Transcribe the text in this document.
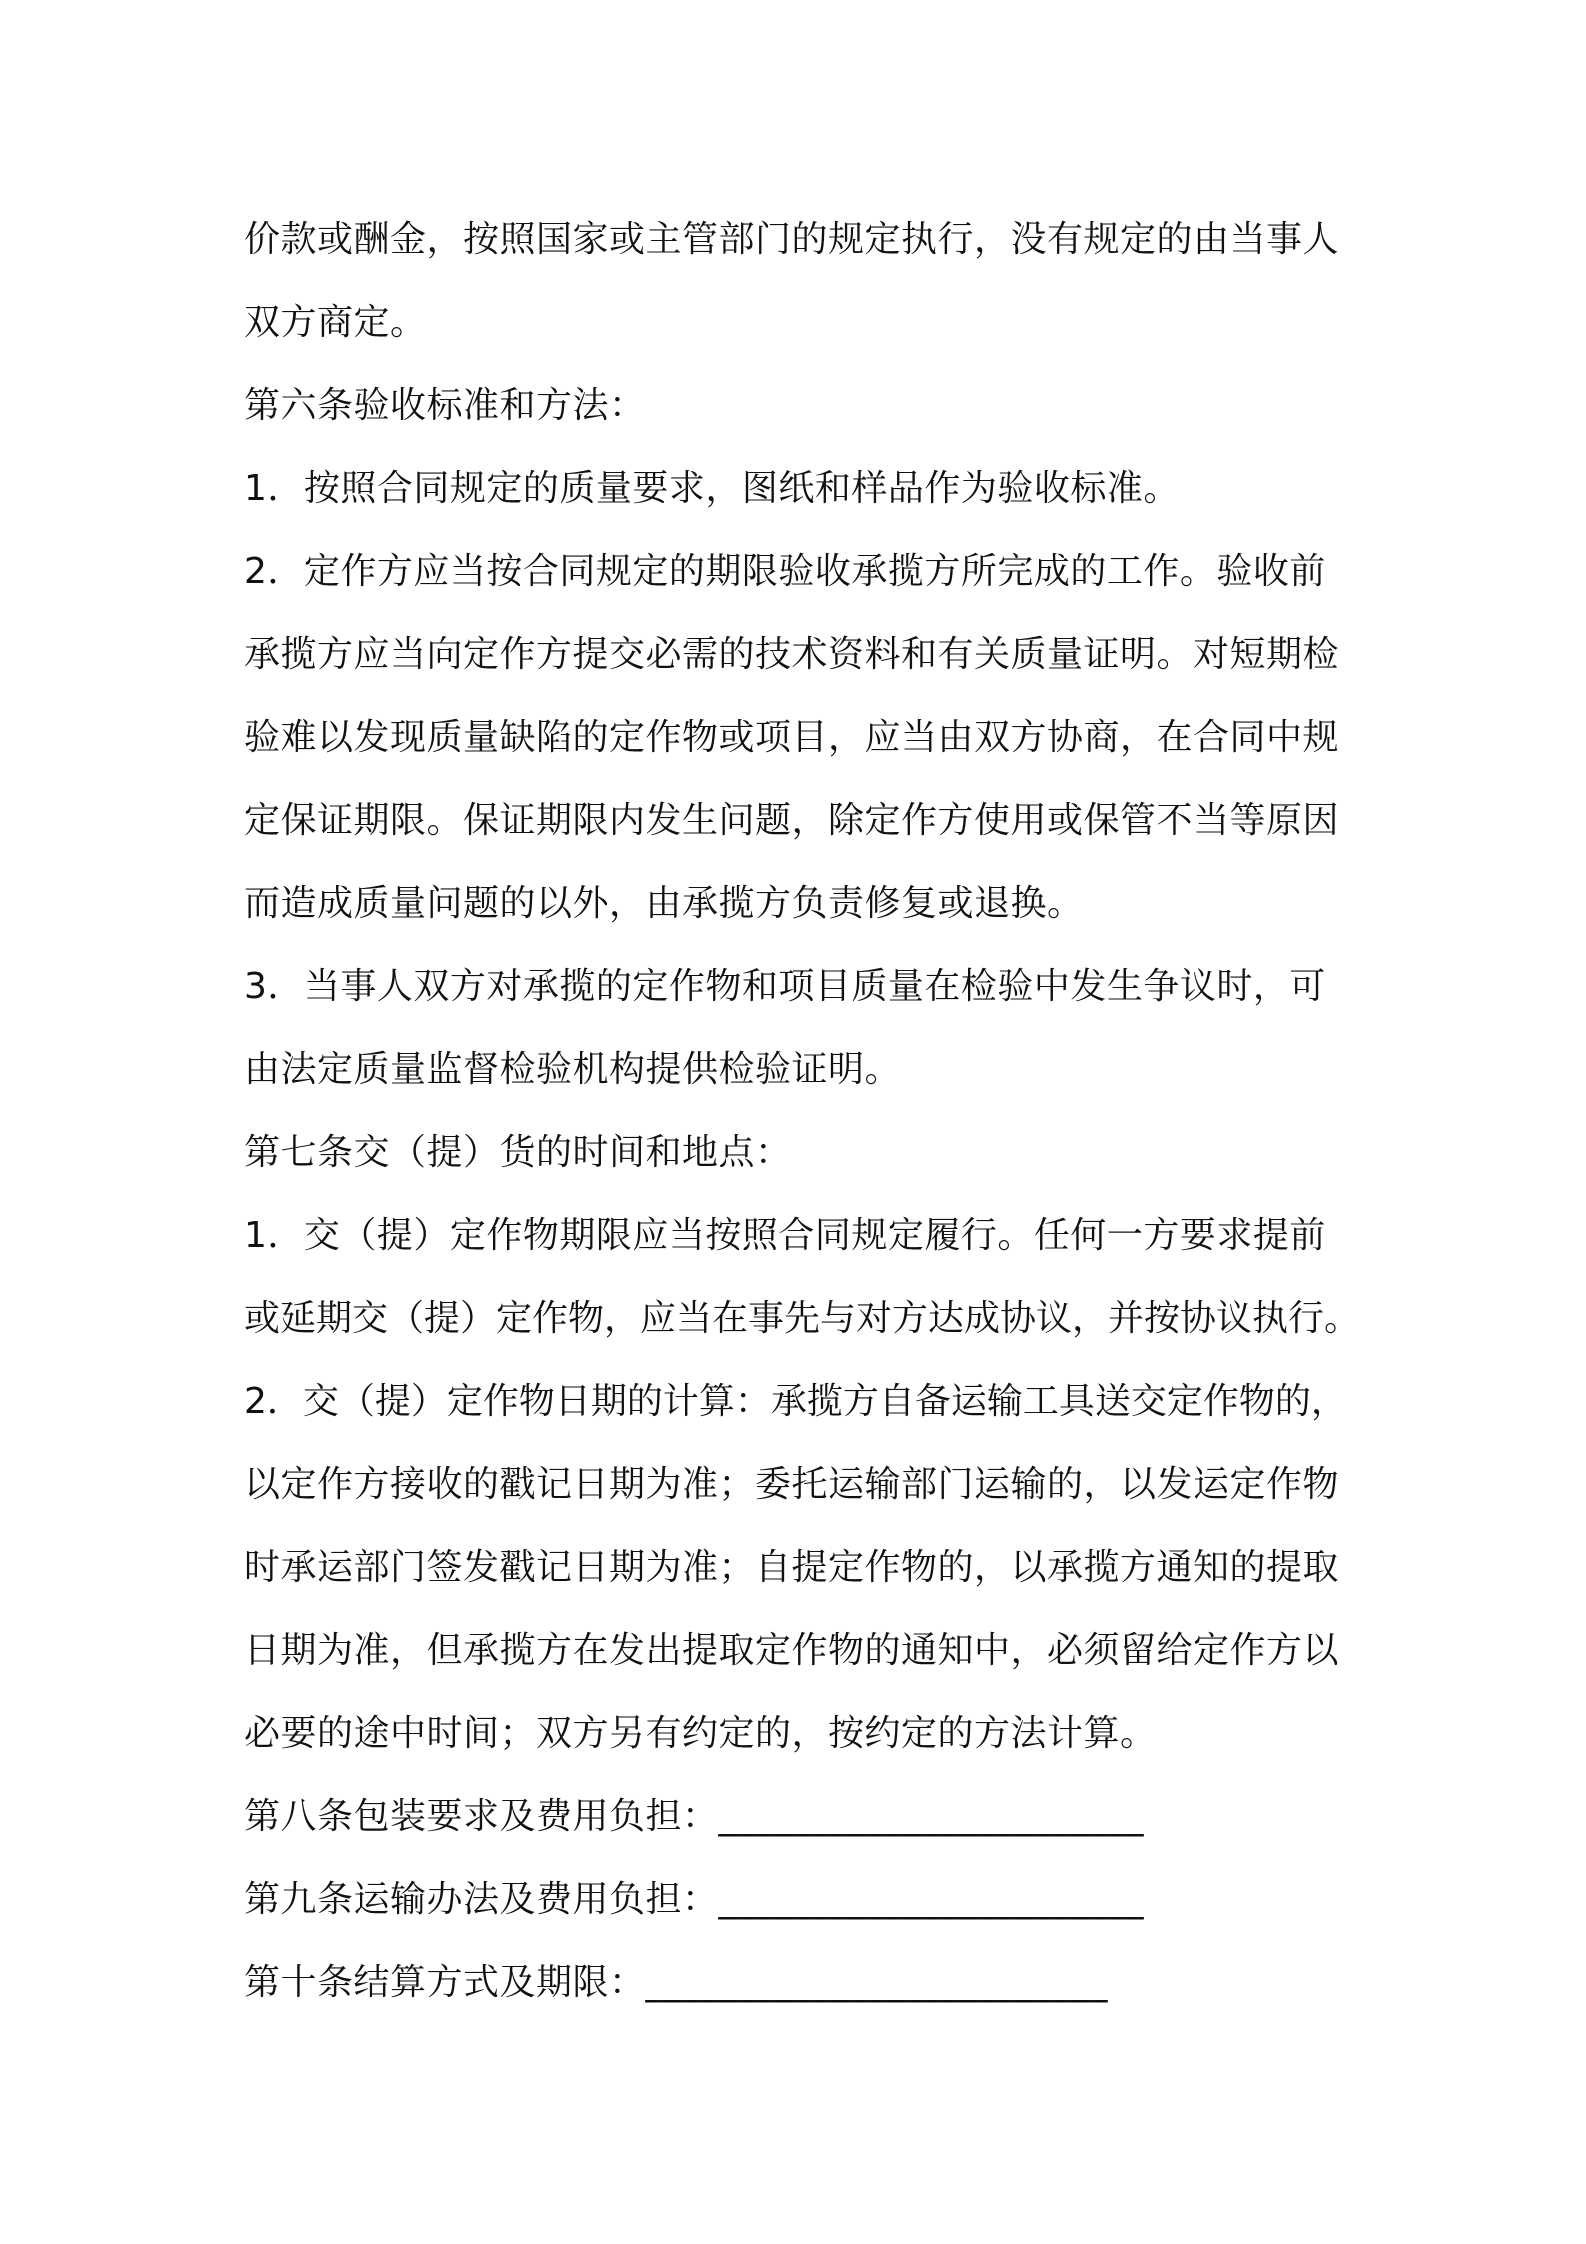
价款或酬金，按照国家或主管部门的规定执行，没有规定的由当事人
双方商定。
第六条验收标准和方法：
1．按照合同规定的质量要求，图纸和样品作为验收标准。
2．定作方应当按合同规定的期限验收承揽方所完成的工作。验收前
承揽方应当向定作方提交必需的技术资料和有关质量证明。对短期检
验难以发现质量缺陷的定作物或项目，应当由双方协商，在合同中规
定保证期限。保证期限内发生问题，除定作方使用或保管不当等原因
而造成质量问题的以外，由承揽方负责修复或退换。
3．当事人双方对承揽的定作物和项目质量在检验中发生争议时，可
由法定质量监督检验机构提供检验证明。
第七条交（提）货的时间和地点：
1．交（提）定作物期限应当按照合同规定履行。任何一方要求提前
或延期交（提）定作物，应当在事先与对方达成协议，并按协议执行。
2．交（提）定作物日期的计算：承揽方自备运输工具送交定作物的，
以定作方接收的戳记日期为准；委托运输部门运输的，以发运定作物
时承运部门签发戳记日期为准；自提定作物的，以承揽方通知的提取
日期为准，但承揽方在发出提取定作物的通知中，必须留给定作方以
必要的途中时间；双方另有约定的，按约定的方法计算。
第八条包装要求及费用负担：_______________________
第九条运输办法及费用负担：_______________________
第十条结算方式及期限：_________________________
